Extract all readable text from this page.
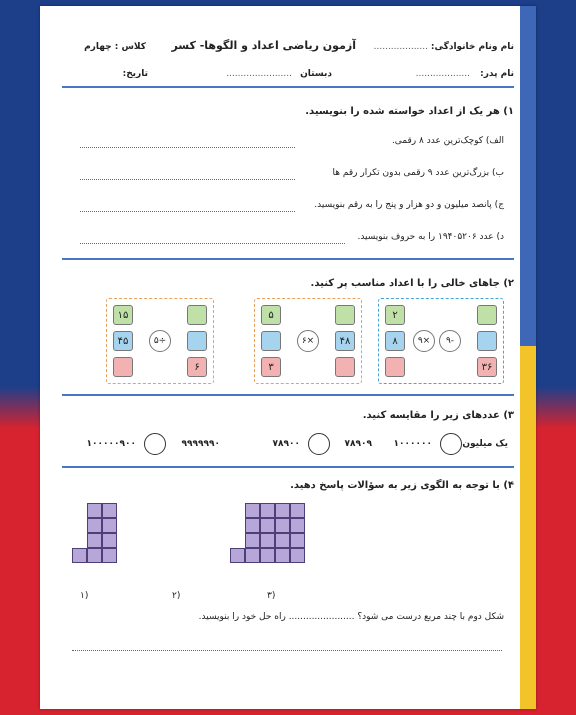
نام ونام خانوادگی:
...................
آزمون ریاضی اعداد و الگوها- کسر
کلاس : چهارم
نام پدر:
...................
دبستان
.......................
تاریخ:
۱) هر یک از اعداد خواسته شده را بنویسید.
الف) کوچک‌ترین عدد ۸ رقمی.
ب) بزرگ‌ترین عدد ۹ رقمی بدون تکرار رقم ها
ج) پانصد میلیون و دو هزار و پنج را به رقم بنویسید.
د) عدد ۱۹۴۰۵۲۰۶ را به حروف بنویسید.
۲) جاهای خالی را با اعداد مناسب پر کنید.
۲
۸	×۹	-۹
۳۶
۵
×۶	۴۸
۳
۱۵
۴۵	÷۵
۶
۳) عددهای زیر را مقایسه کنید.
یک میلیون
۱۰۰۰۰۰۰
۷۸۹۰۹
۷۸۹۰۰
۹۹۹۹۹۹۰
۱۰۰۰۰۰۹۰۰
۴) با توجه به الگوی زیر به سؤالات پاسخ دهید.
(۱	(۲	(۳
شکل دوم با چند مربع درست می شود؟ ....................... راه حل خود را بنویسید.
